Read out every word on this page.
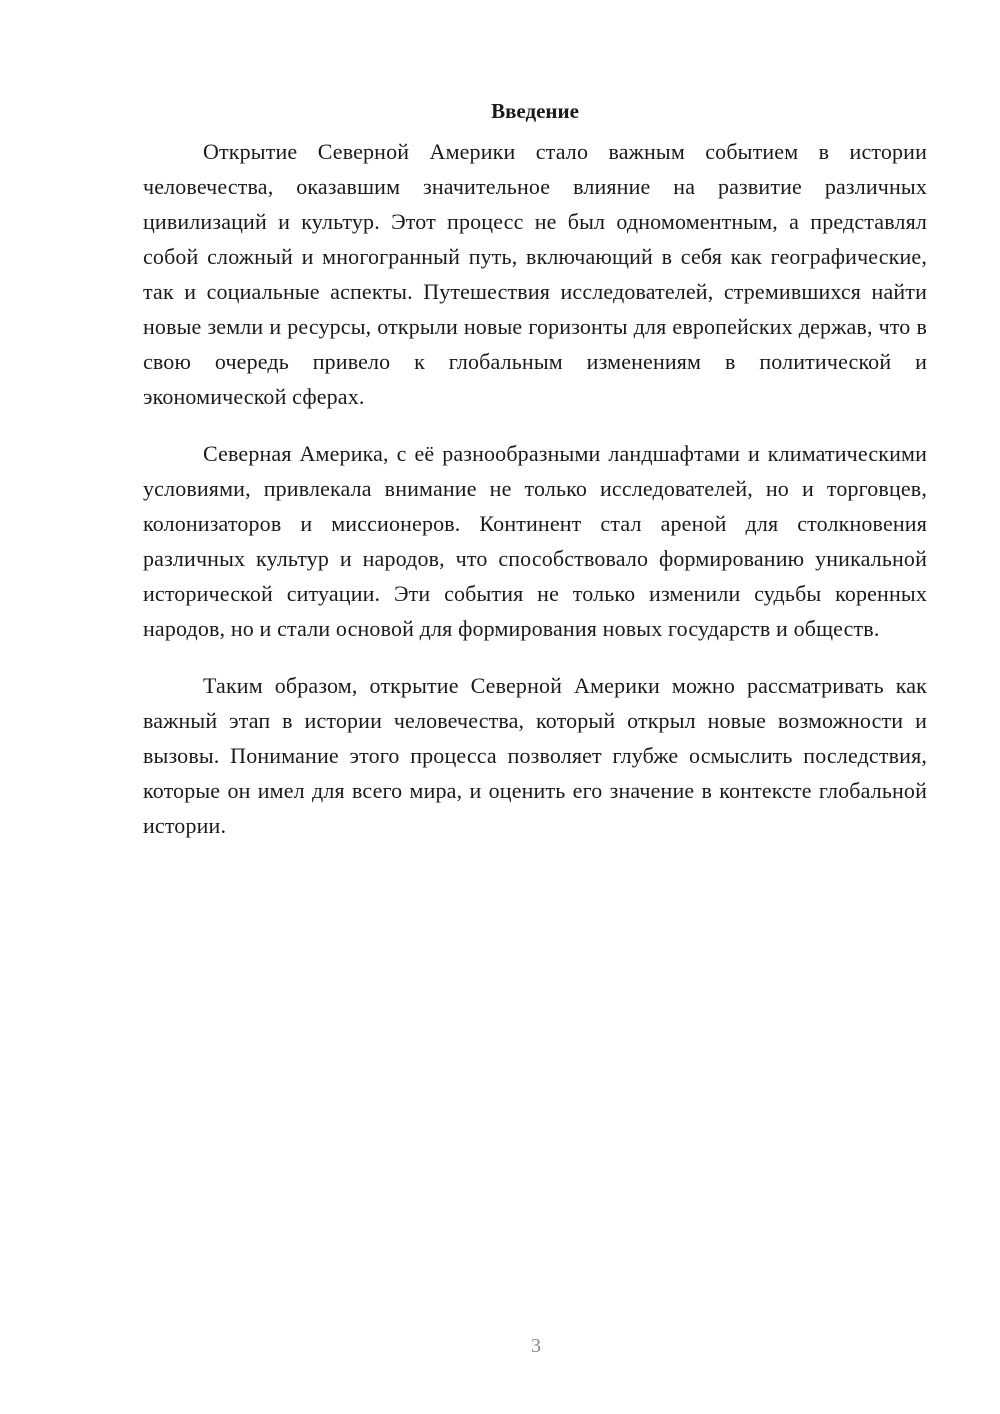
Введение

Открытие Северной Америки стало важным событием в истории человечества, оказавшим значительное влияние на развитие различных цивилизаций и культур. Этот процесс не был одномоментным, а представлял собой сложный и многогранный путь, включающий в себя как географические, так и социальные аспекты. Путешествия исследователей, стремившихся найти новые земли и ресурсы, открыли новые горизонты для европейских держав, что в свою очередь привело к глобальным изменениям в политической и экономической сферах.

Северная Америка, с её разнообразными ландшафтами и климатическими условиями, привлекала внимание не только исследователей, но и торговцев, колонизаторов и миссионеров. Континент стал ареной для столкновения различных культур и народов, что способствовало формированию уникальной исторической ситуации. Эти события не только изменили судьбы коренных народов, но и стали основой для формирования новых государств и обществ.

Таким образом, открытие Северной Америки можно рассматривать как важный этап в истории человечества, который открыл новые возможности и вызовы. Понимание этого процесса позволяет глубже осмыслить последствия, которые он имел для всего мира, и оценить его значение в контексте глобальной истории.

3
